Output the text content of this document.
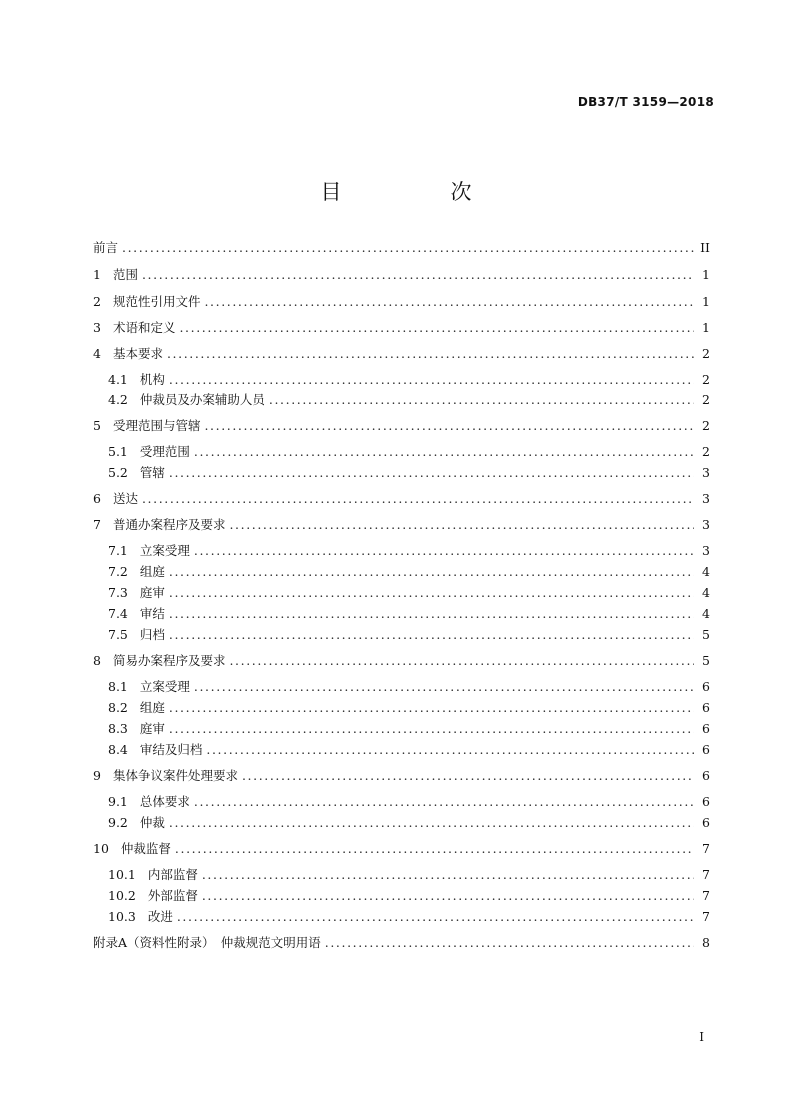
DB37/T 3159—2018
目　次
前言 .....	II
1 范围 .....	1
2 规范性引用文件 .....	1
3 术语和定义 .....	1
4 基本要求 .....	2
4.1 机构 .....	2
4.2 仲裁员及办案辅助人员 .....	2
5 受理范围与管辖 .....	2
5.1 受理范围 .....	2
5.2 管辖 .....	3
6 送达 .....	3
7 普通办案程序及要求 .....	3
7.1 立案受理 .....	3
7.2 组庭 .....	4
7.3 庭审 .....	4
7.4 审结 .....	4
7.5 归档 .....	5
8 简易办案程序及要求 .....	5
8.1 立案受理 .....	6
8.2 组庭 .....	6
8.3 庭审 .....	6
8.4 审结及归档 .....	6
9 集体争议案件处理要求 .....	6
9.1 总体要求 .....	6
9.2 仲裁 .....	6
10 仲裁监督 .....	7
10.1 内部监督 .....	7
10.2 外部监督 .....	7
10.3 改进 .....	7
附录A（资料性附录）　仲裁规范文明用语 .....	8
I
